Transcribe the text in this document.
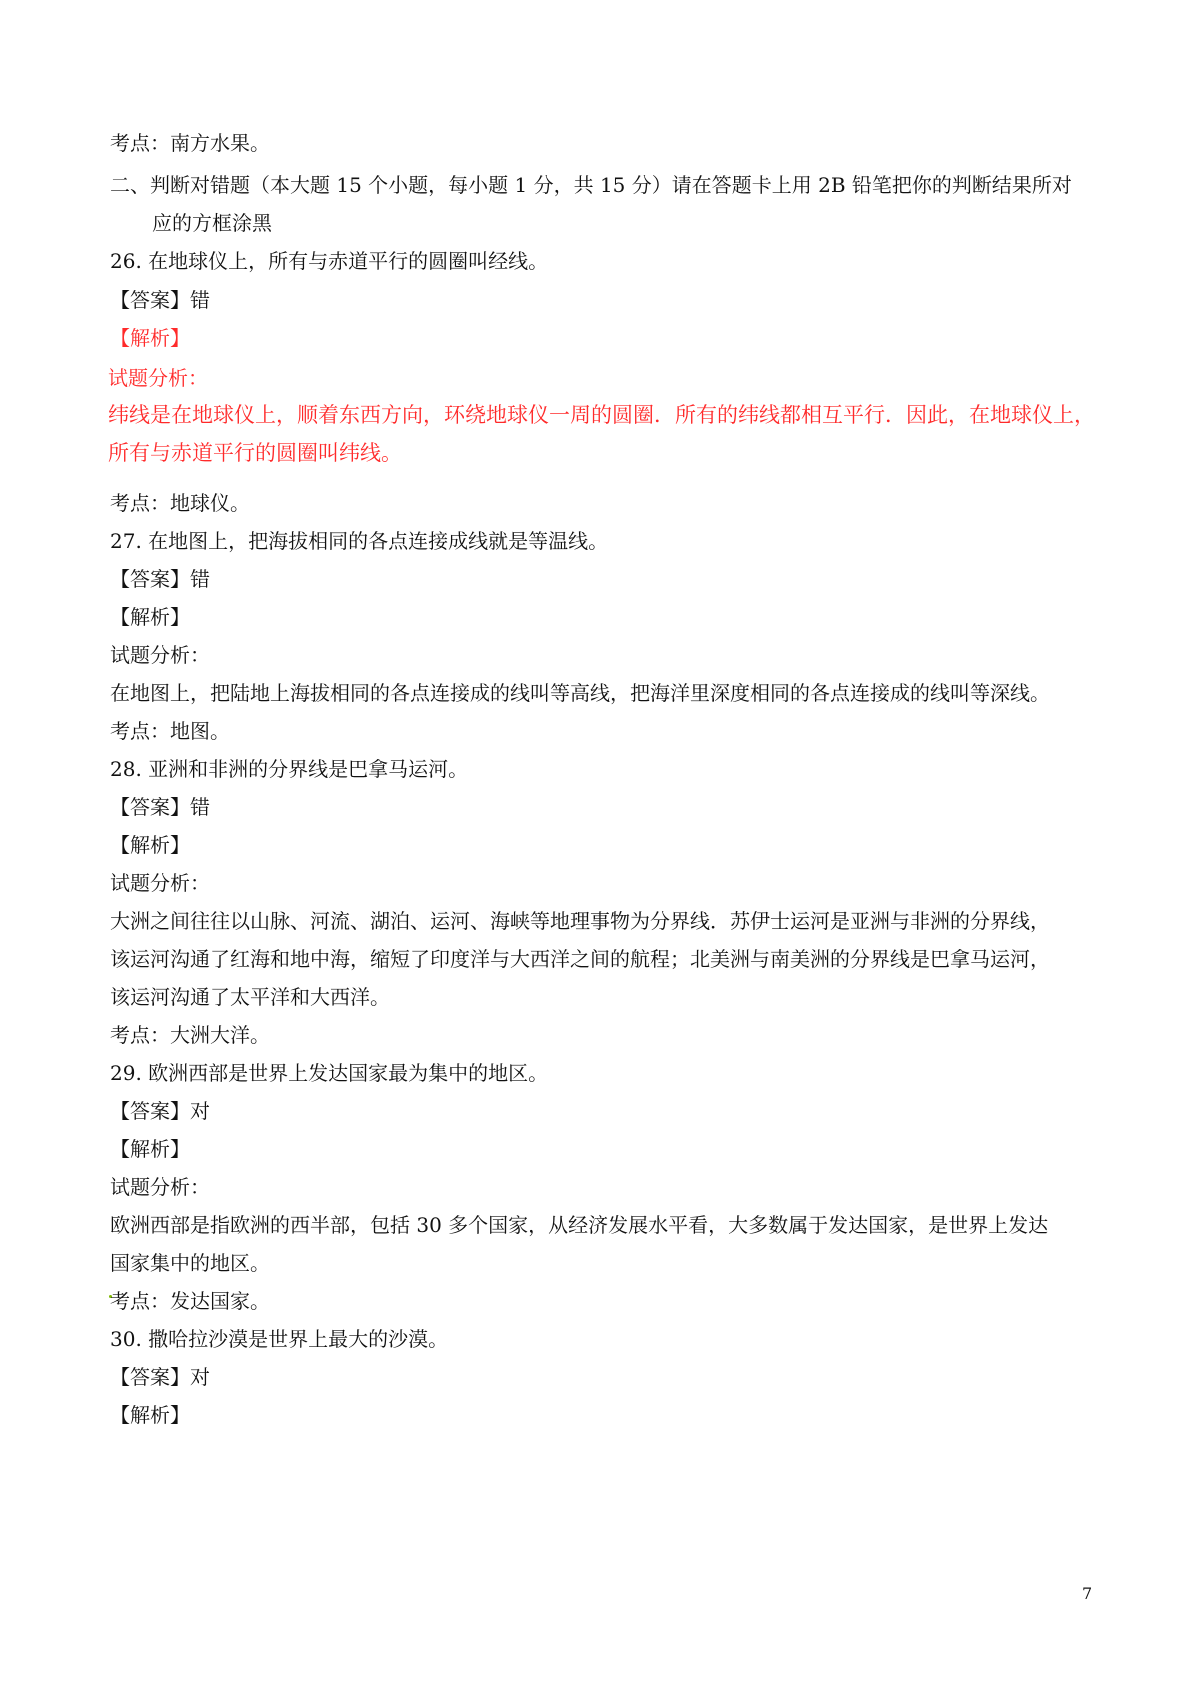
考点：南方水果。
二、判断对错题（本大题 15 个小题，每小题 1 分，共 15 分）请在答题卡上用 2B 铅笔把你的判断结果所对
应的方框涂黑
26. 在地球仪上，所有与赤道平行的圆圈叫经线。
【答案】错
【解析】
试题分析：
纬线是在地球仪上，顺着东西方向，环绕地球仪一周的圆圈．所有的纬线都相互平行．因此，在地球仪上，
所有与赤道平行的圆圈叫纬线。
考点：地球仪。
27. 在地图上，把海拔相同的各点连接成线就是等温线。
【答案】错
【解析】
试题分析：
在地图上，把陆地上海拔相同的各点连接成的线叫等高线，把海洋里深度相同的各点连接成的线叫等深线。
考点：地图。
28. 亚洲和非洲的分界线是巴拿马运河。
【答案】错
【解析】
试题分析：
大洲之间往往以山脉、河流、湖泊、运河、海峡等地理事物为分界线．苏伊士运河是亚洲与非洲的分界线，
该运河沟通了红海和地中海，缩短了印度洋与大西洋之间的航程；北美洲与南美洲的分界线是巴拿马运河，
该运河沟通了太平洋和大西洋。
考点：大洲大洋。
29. 欧洲西部是世界上发达国家最为集中的地区。
【答案】对
【解析】
试题分析：
欧洲西部是指欧洲的西半部，包括 30 多个国家，从经济发展水平看，大多数属于发达国家，是世界上发达
国家集中的地区。
考点：发达国家。
30. 撒哈拉沙漠是世界上最大的沙漠。
【答案】对
【解析】
7
